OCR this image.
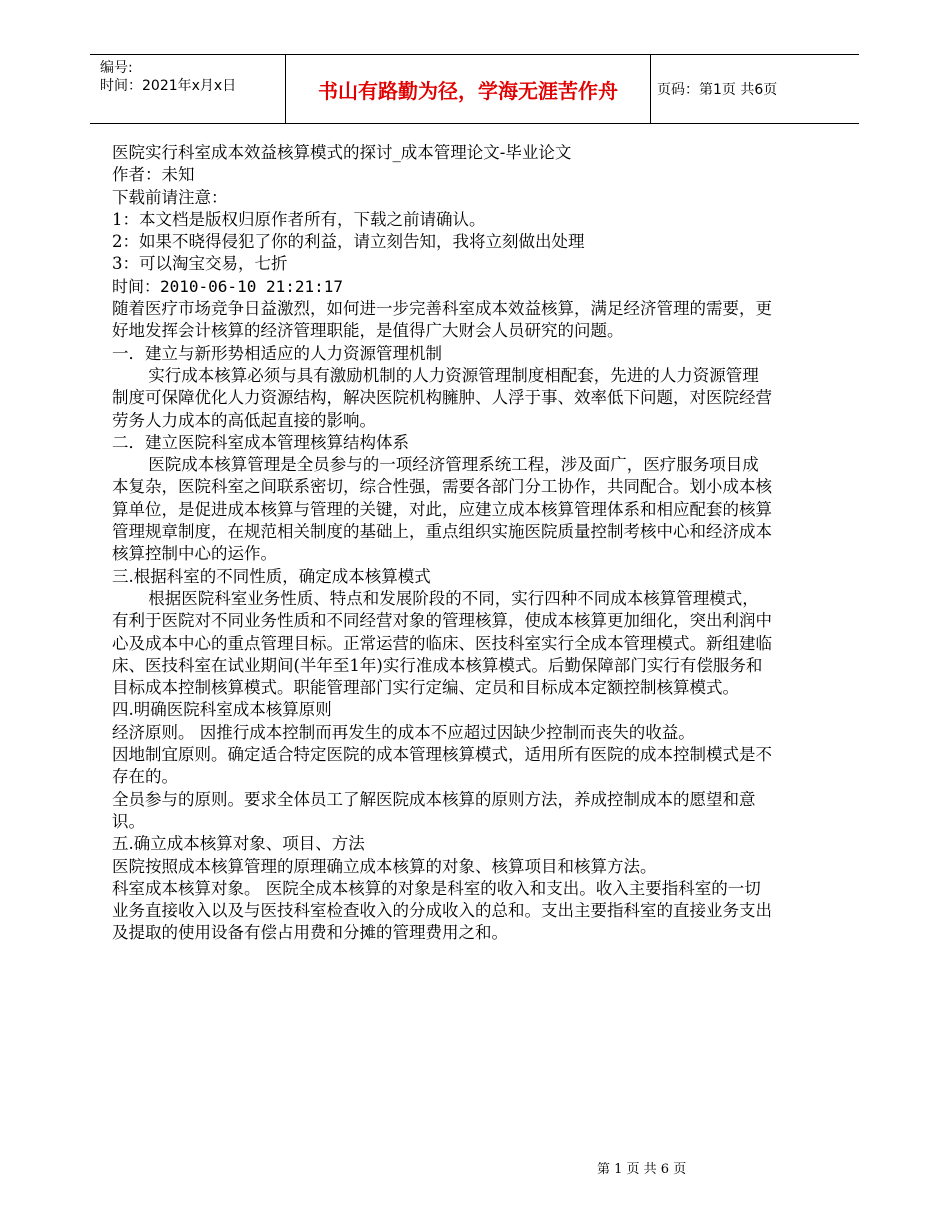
编号:
时间：2021年x月x日	书山有路勤为径，学海无涯苦作舟	页码：第1页 共6页

医院实行科室成本效益核算模式的探讨_成本管理论文-毕业论文

作者：未知

下载前请注意：

1：本文档是版权归原作者所有，下载之前请确认。

2：如果不晓得侵犯了你的利益，请立刻告知，我将立刻做出处理

3：可以淘宝交易，七折

时间：2010-06-10 21:21:17

随着医疗市场竞争日益激烈，如何进一步完善科室成本效益核算，满足经济管理的需要，更好地发挥会计核算的经济管理职能，是值得广大财会人员研究的问题。

一．建立与新形势相适应的人力资源管理机制

实行成本核算必须与具有激励机制的人力资源管理制度相配套，先进的人力资源管理制度可保障优化人力资源结构，解决医院机构臃肿、人浮于事、效率低下问题，对医院经营劳务人力成本的高低起直接的影响。

二．建立医院科室成本管理核算结构体系

医院成本核算管理是全员参与的一项经济管理系统工程，涉及面广，医疗服务项目成本复杂，医院科室之间联系密切，综合性强，需要各部门分工协作，共同配合。划小成本核算单位，是促进成本核算与管理的关键，对此，应建立成本核算管理体系和相应配套的核算管理规章制度，在规范相关制度的基础上，重点组织实施医院质量控制考核中心和经济成本核算控制中心的运作。

三.根据科室的不同性质，确定成本核算模式

根据医院科室业务性质、特点和发展阶段的不同，实行四种不同成本核算管理模式，有利于医院对不同业务性质和不同经营对象的管理核算，使成本核算更加细化，突出利润中心及成本中心的重点管理目标。正常运营的临床、医技科室实行全成本管理模式。新组建临床、医技科室在试业期间(半年至1年)实行准成本核算模式。后勤保障部门实行有偿服务和目标成本控制核算模式。职能管理部门实行定编、定员和目标成本定额控制核算模式。

四.明确医院科室成本核算原则

经济原则。 因推行成本控制而再发生的成本不应超过因缺少控制而丧失的收益。

因地制宜原则。确定适合特定医院的成本管理核算模式，适用所有医院的成本控制模式是不存在的。

全员参与的原则。要求全体员工了解医院成本核算的原则方法，养成控制成本的愿望和意识。

五.确立成本核算对象、项目、方法

医院按照成本核算管理的原理确立成本核算的对象、核算项目和核算方法。

科室成本核算对象。 医院全成本核算的对象是科室的收入和支出。收入主要指科室的一切业务直接收入以及与医技科室检查收入的分成收入的总和。支出主要指科室的直接业务支出及提取的使用设备有偿占用费和分摊的管理费用之和。

第 1 页 共 6 页
